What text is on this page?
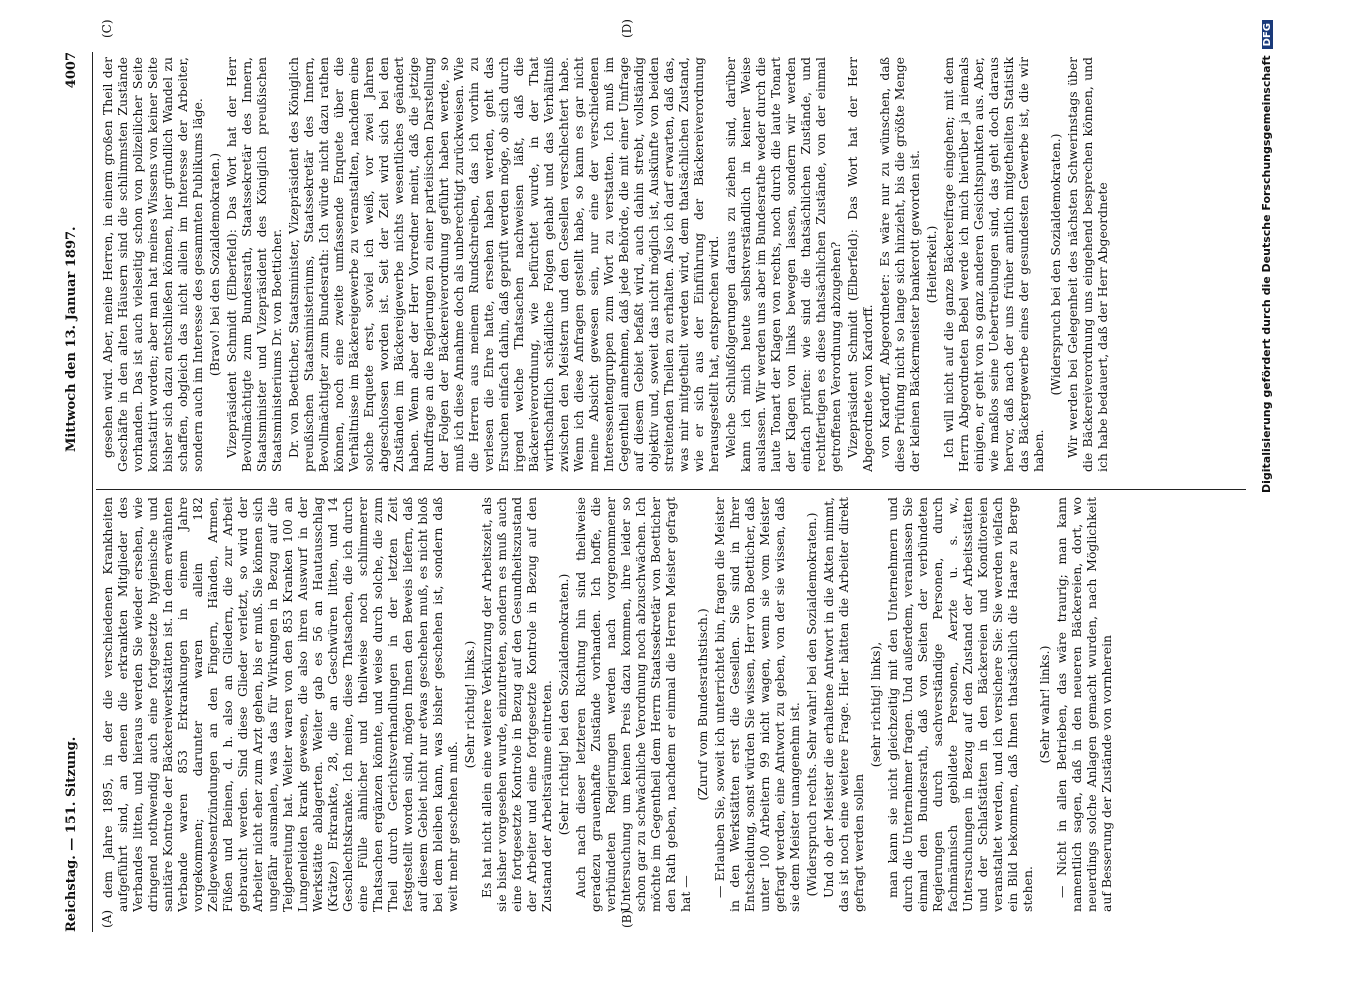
Reichstag. — 151. Sitzung.
Mittwoch den 13. Januar 1897.
4007
(A)	(B)
(C)	(D)

dem Jahre 1895, in der die verschiedenen Krankheiten aufgeführt sind, an denen die erkrankten Mitglieder des Verbandes litten, und hieraus werden Sie wieder ersehen, wie dringend nothwendig auch eine fortgesetzte hygienische und sanitäre Kontrole der Bäckereiwerkstätten ist. In dem erwähnten Verbande waren 853 Erkrankungen in einem Jahre vorgekommen; darunter waren allein 182 Zellgewebsentzündungen an den Fingern, Händen, Armen, Füßen und Beinen, d. h. also an Gliedern, die zur Arbeit gebraucht werden. Sind diese Glieder verletzt, so wird der Arbeiter nicht eher zum Arzt gehen, bis er muß. Sie können sich ungefähr ausmalen, was das für Wirkungen in Bezug auf die Teigbereitung hat. Weiter waren von den 853 Kranken 100 an Lungenleiden krank gewesen, die also ihren Auswurf in der Werkstätte ablagerten. Weiter gab es 56 an Hautausschlag (Krätze) Erkrankte, 28, die an Geschwüren litten, und 14 Geschlechtskranke. Ich meine, diese Thatsachen, die ich durch eine Fülle ähnlicher und theilweise noch schlimmerer Thatsachen ergänzen könnte, und weise durch solche, die zum Theil durch Gerichtsverhandlungen in der letzten Zeit festgestellt worden sind, mögen Ihnen den Beweis liefern, daß auf diesem Gebiet nicht nur etwas geschehen muß, es nicht bloß bei dem bleiben kann, was bisher geschehen ist, sondern daß weit mehr geschehen muß.

(Sehr richtig! links.) Es hat nicht allein eine weitere Verkürzung der Arbeitszeit, als sie bisher vorgesehen wurde, einzutreten, sondern es muß auch eine fortgesetzte Kontrole in Bezug auf den Gesundheitszustand der Arbeiter und eine fortgesetzte Kontrole in Bezug auf den Zustand der Arbeitsräume eintreten. (Sehr richtig! bei den Sozialdemokraten.) Auch nach dieser letzteren Richtung hin sind theilweise geradezu grauenhafte Zustände vorhanden. Ich hoffe, die verbündeten Regierungen werden nach vorgenommener Untersuchung um keinen Preis dazu kommen, ihre leider so schon gar zu schwächliche Verordnung noch abzuschwächen. Ich möchte im Gegentheil dem Herrn Staatssekretär von Boetticher den Rath geben, nachdem er einmal die Herren Meister gefragt hat —

(Zuruf vom Bundesrathstisch.) — Erlauben Sie, soweit ich unterrichtet bin, fragen die Meister in den Werkstätten erst die Gesellen. Sie sind in Ihrer Entscheidung, sonst würden Sie wissen, Herr von Boetticher, daß unter 100 Arbeitern 99 nicht wagen, wenn sie vom Meister gefragt werden, eine Antwort zu geben, von der sie wissen, daß sie dem Meister unangenehm ist. (Widerspruch rechts. Sehr wahr! bei den Sozialdemokraten.) Und ob der Meister die erhaltene Antwort in die Akten nimmt, das ist noch eine weitere Frage. Hier hätten die Arbeiter direkt gefragt werden sollen

(sehr richtig! links), man kann sie nicht gleichzeitig mit den Unternehmern und durch die Unternehmer fragen. Und außerdem, veranlassen Sie einmal den Bundesrath, daß von Seiten der verbündeten Regierungen durch sachverständige Personen, durch fachmännisch gebildete Personen, Aerzte u. s. w., Untersuchungen in Bezug auf den Zustand der Arbeitsstätten und der Schlafstätten in den Bäckereien und Konditoreien veranstaltet werden, und ich versichere Sie: Sie werden vielfach ein Bild bekommen, daß Ihnen thatsächlich die Haare zu Berge stehen.

(Sehr wahr! links.) — Nicht in allen Betrieben, das wäre traurig; man kann namentlich sagen, daß in den neueren Bäckereien, dort, wo neuerdings solche Anlagen gemacht wurden, nach Möglichkeit auf Besserung der Zustände von vornherein

gesehen wird. Aber, meine Herren, in einem großen Theil der Geschäfte in den alten Häusern sind die schlimmsten Zustände vorhanden. Das ist auch vielseitig schon von polizeilicher Seite konstatirt worden; aber man hat meines Wissens von keiner Seite bisher sich dazu entschließen können, hier gründlich Wandel zu schaffen, obgleich das nicht allein im Interesse der Arbeiter, sondern auch im Interesse des gesammten Publikums läge. (Bravo! bei den Sozialdemokraten.) Vizepräsident Schmidt (Elberfeld): Das Wort hat der Herr Bevollmächtigte zum Bundesrath, Staatssekretär des Innern, Staatsminister und Vizepräsident des Königlich preußischen Staatsministeriums Dr. von Boetticher. Dr. von Boetticher, Staatsminister, Vizepräsident des Königlich preußischen Staatsministeriums, Staatssekretär des Innern, Bevollmächtigter zum Bundesrath: Ich würde nicht dazu rathen können, noch eine zweite umfassende Enquete über die Verhältnisse im Bäckereigewerbe zu veranstalten, nachdem eine solche Enquete erst, soviel ich weiß, vor zwei Jahren abgeschlossen worden ist. Seit der Zeit wird sich bei den Zuständen im Bäckereigewerbe nichts wesentliches geändert haben. Wenn aber der Herr Vorredner meint, daß die jetzige Rundfrage an die Regierungen zu einer parteiischen Darstellung der Folgen der Bäckereiverordnung geführt haben werde, so muß ich diese Annahme doch als unberechtigt zurückweisen. Wie die Herren aus meinem Rundschreiben, das ich vorhin zu verlesen die Ehre hatte, ersehen haben werden, geht das Ersuchen einfach dahin, daß geprüft werden möge, ob sich durch irgend welche Thatsachen nachweisen läßt, daß die Bäckereiverordnung, wie befürchtet wurde, in der That wirthschaftlich schädliche Folgen gehabt und das Verhältniß zwischen den Meistern und den Gesellen verschlechtert habe. Wenn ich diese Anfragen gestellt habe, so kann es gar nicht meine Absicht gewesen sein, nur eine der verschiedenen Interessentengruppen zum Wort zu verstatten. Ich muß im Gegentheil annehmen, daß jede Behörde, die mit einer Umfrage auf diesem Gebiet befaßt wird, auch dahin strebt, vollständig objektiv und, soweit das nicht möglich ist, Auskünfte von beiden streitenden Theilen zu erhalten. Also ich darf erwarten, daß das, was mir mitgetheilt werden wird, dem thatsächlichen Zustand, wie er sich aus der Einführung der Bäckereiverordnung herausgestellt hat, entsprechen wird. Welche Schlußfolgerungen daraus zu ziehen sind, darüber kann ich mich heute selbstverständlich in keiner Weise auslassen. Wir werden uns aber im Bundesrathe weder durch die laute Tonart der Klagen von rechts, noch durch die laute Tonart der Klagen von links bewegen lassen, sondern wir werden einfach prüfen: wie sind die thatsächlichen Zustände, und rechtfertigen es diese thatsächlichen Zustände, von der einmal getroffenen Verordnung abzugehen? Vizepräsident Schmidt (Elberfeld): Das Wort hat der Herr Abgeordnete von Kardorff. von Kardorff, Abgeordneter: Es wäre nur zu wünschen, daß diese Prüfung nicht so lange sich hinzieht, bis die größte Menge der kleinen Bäckermeister bankerott geworden ist. (Heiterkeit.) Ich will nicht auf die ganze Bäckereifrage eingehen; mit dem Herrn Abgeordneten Bebel werde ich mich hierüber ja niemals einigen, er geht von so ganz anderen Gesichtspunkten aus. Aber, wie maßlos seine Uebertreibungen sind, das geht doch daraus hervor, daß nach der uns früher amtlich mitgetheilten Statistik das Bäckergewerbe eines der gesundesten Gewerbe ist, die wir haben.

(Widerspruch bei den Sozialdemokraten.) Wir werden bei Gelegenheit des nächsten Schwerinstags über die Bäckereiverordnung uns eingehend besprechen können, und ich habe bedauert, daß der Herr Abgeordnete	Digitalisierung gefördert durch die Deutsche ForschungsgemeinschaftDFG
